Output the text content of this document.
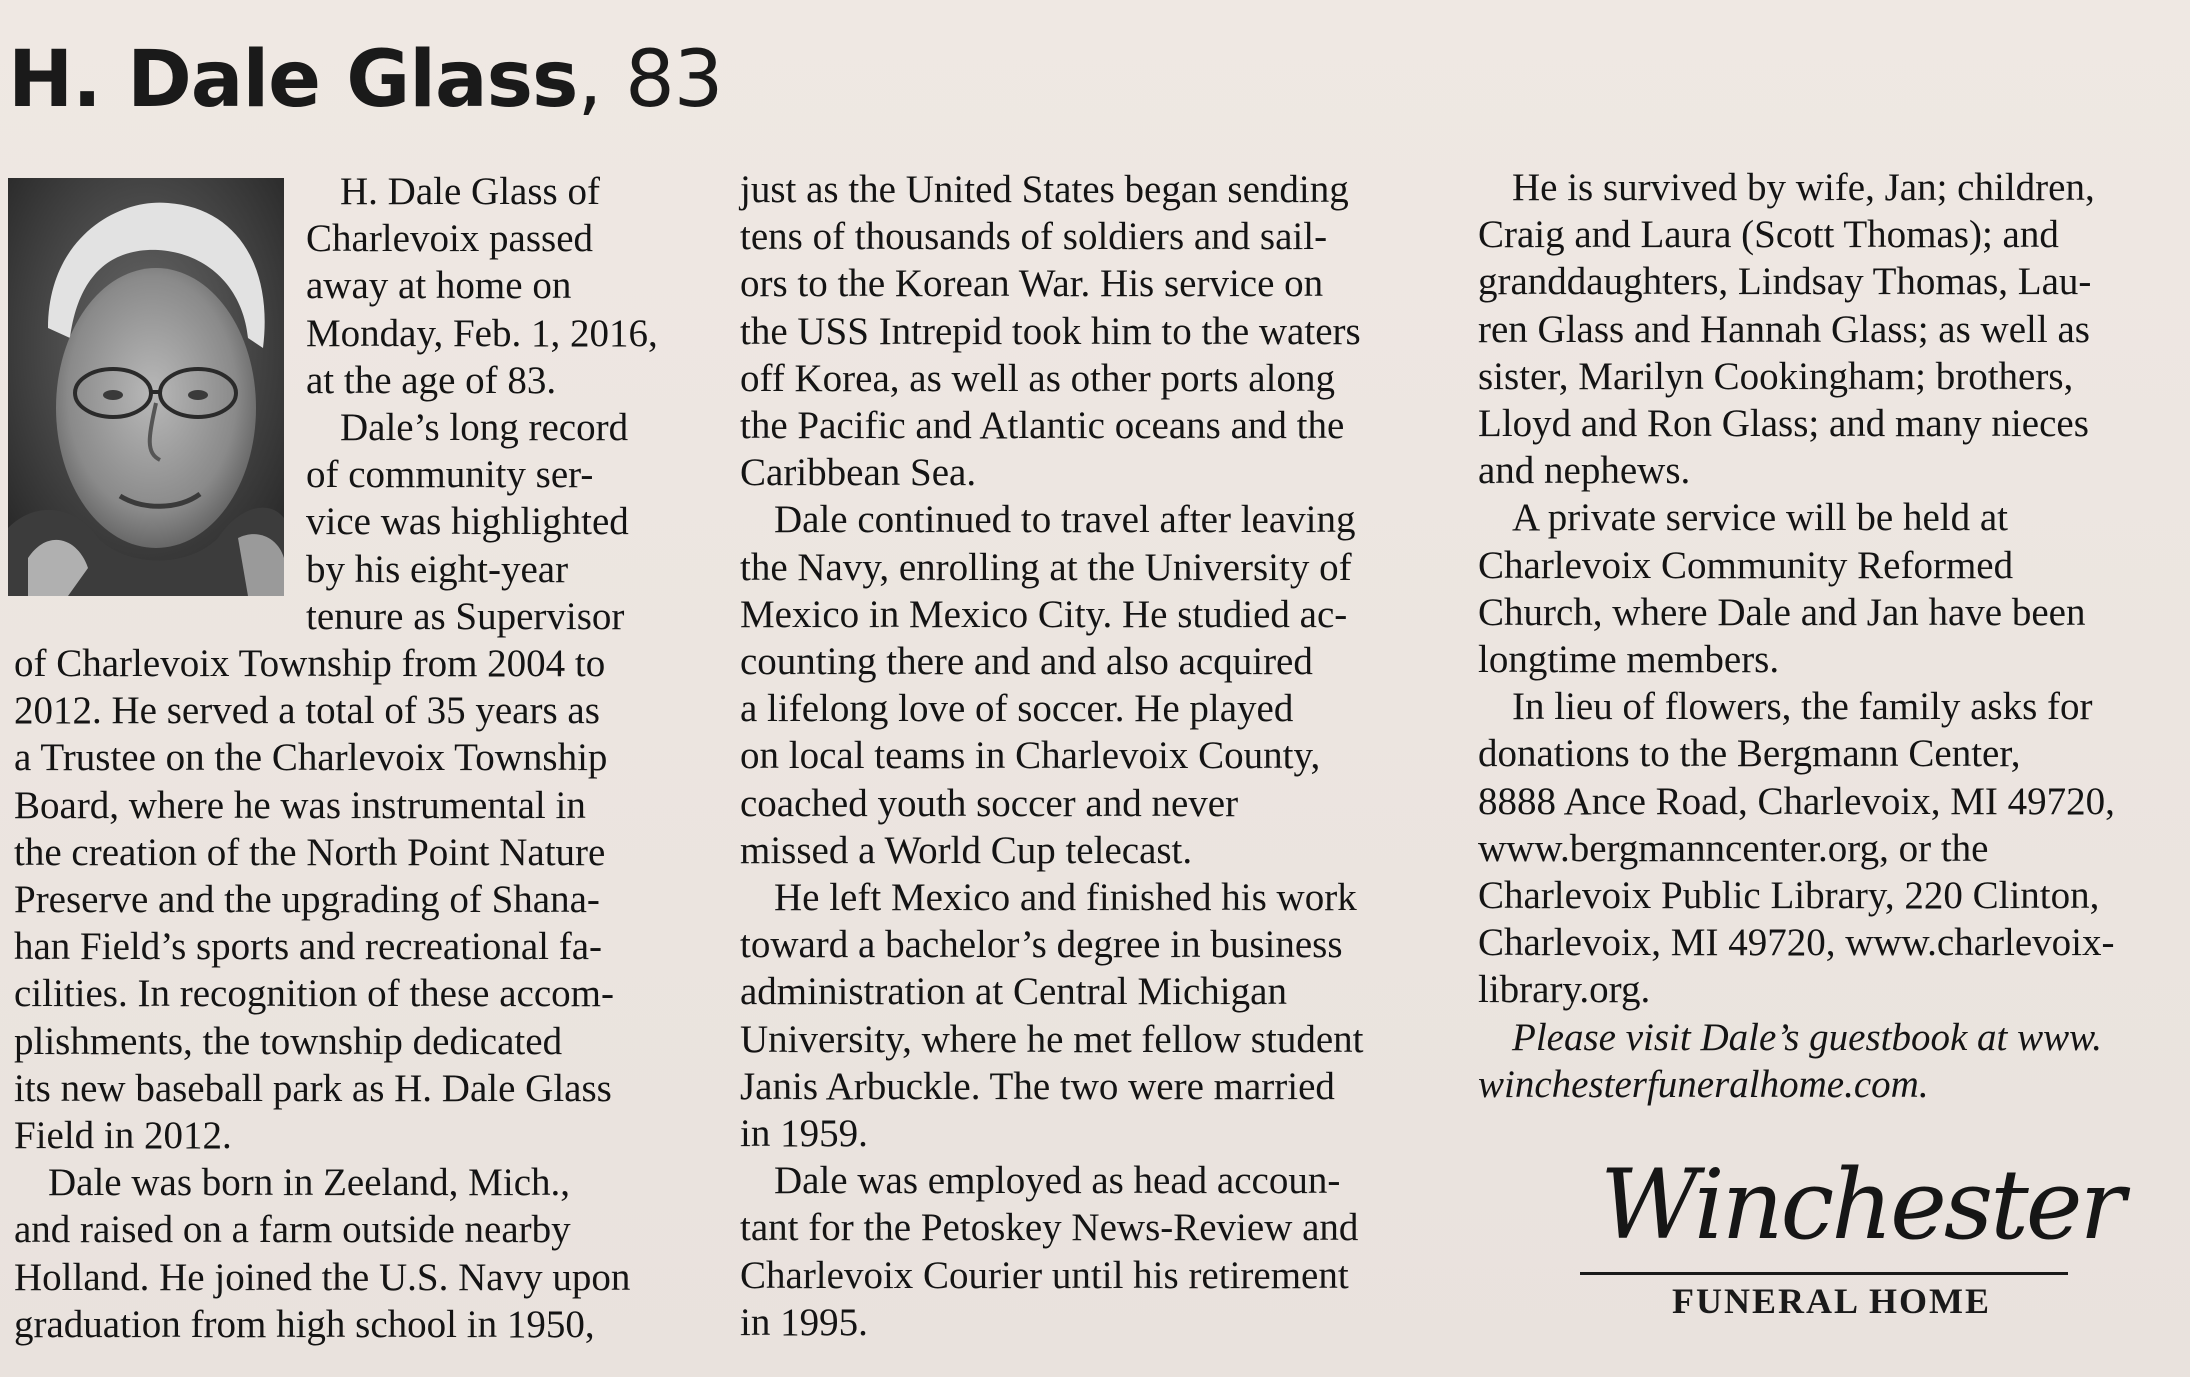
H. Dale Glass, 83

H. Dale Glass of

Charlevoix passed

away at home on

Monday, Feb. 1, 2016,

at the age of 83.

Dale’s long record

of community ser-

vice was highlighted

by his eight-year

tenure as Supervisor

of Charlevoix Township from 2004 to

2012. He served a total of 35 years as

a Trustee on the Charlevoix Township

Board, where he was instrumental in

the creation of the North Point Nature

Preserve and the upgrading of Shana-

han Field’s sports and recreational fa-

cilities. In recognition of these accom-

plishments, the township dedicated

its new baseball park as H. Dale Glass

Field in 2012.

Dale was born in Zeeland, Mich.,

and raised on a farm outside nearby

Holland. He joined the U.S. Navy upon

graduation from high school in 1950,

just as the United States began sending

tens of thousands of soldiers and sail-

ors to the Korean War. His service on

the USS Intrepid took him to the waters

off Korea, as well as other ports along

the Pacific and Atlantic oceans and the

Caribbean Sea.

Dale continued to travel after leaving

the Navy, enrolling at the University of

Mexico in Mexico City. He studied ac-

counting there and and also acquired

a lifelong love of soccer. He played

on local teams in Charlevoix County,

coached youth soccer and never

missed a World Cup telecast.

He left Mexico and finished his work

toward a bachelor’s degree in business

administration at Central Michigan

University, where he met fellow student

Janis Arbuckle. The two were married

in 1959.

Dale was employed as head accoun-

tant for the Petoskey News-Review and

Charlevoix Courier until his retirement

in 1995.

He is survived by wife, Jan; children,

Craig and Laura (Scott Thomas); and

granddaughters, Lindsay Thomas, Lau-

ren Glass and Hannah Glass; as well as

sister, Marilyn Cookingham; brothers,

Lloyd and Ron Glass; and many nieces

and nephews.

A private service will be held at

Charlevoix Community Reformed

Church, where Dale and Jan have been

longtime members.

In lieu of flowers, the family asks for

donations to the Bergmann Center,

8888 Ance Road, Charlevoix, MI 49720,

www.bergmanncenter.org, or the

Charlevoix Public Library, 220 Clinton,

Charlevoix, MI 49720, www.charlevoix-

library.org.

Please visit Dale’s guestbook at www.

winchesterfuneralhome.com.

Winchester
FUNERAL HOME
